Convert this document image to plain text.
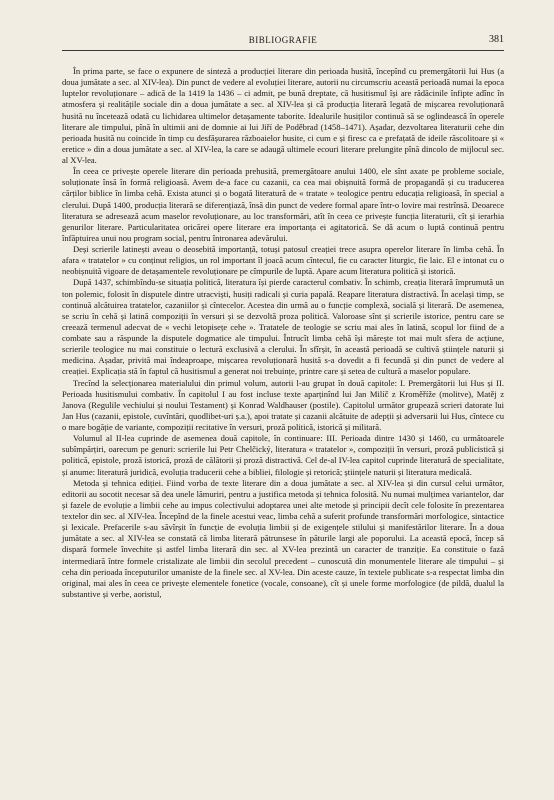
BIBLIOGRAFIE	381

În prima parte, se face o expunere de sinteză a producției literare din perioada husită, începînd cu premergătorii lui Hus (a doua jumătate a sec. al XIV-lea). Din punct de vedere al evoluției literare, autorii nu circumscriu această perioadă numai la epoca luptelor revoluționare – adică de la 1419 la 1436 – ci admit, pe bună dreptate, că husitismul își are rădăcinile înfipte adînc în atmosfera și realitățile sociale din a doua jumătate a sec. al XIV-lea și că producția literară legată de mișcarea revoluționară husită nu încetează odată cu lichidarea ultimelor detașamente taborite. Idealurile husiților continuă să se oglindească în operele literare ale timpului, pînă în ultimii ani de domnie ai lui Jiří de Poděbrad (1458–1471). Așadar, dezvoltarea literaturii cehe din perioada husită nu coincide în timp cu desfășurarea războaielor husite, ci cum e și firesc ca e prefațată de ideile răscolitoare și « eretice » din a doua jumătate a sec. al XIV-lea, la care se adaugă ultimele ecouri literare prelungite pînă dincolo de mijlocul sec. al XV-lea.

În ceea ce privește operele literare din perioada prehusită, premergătoare anului 1400, ele sînt axate pe probleme sociale, soluționate însă în formă religioasă. Avem de-a face cu cazanii, ca cea mai obișnuită formă de propagandă și cu traducerea cărților biblice în limba cehă. Exista atunci și o bogată literatură de « tratate » teologice pentru educația religioasă, în special a clerului. După 1400, producția literară se diferențiază, însă din punct de vedere formal apare într-o lovire mai restrînsă. Deoarece literatura se adresează acum maselor revoluționare, au loc transformări, atît în ceea ce privește funcția literaturii, cît și ierarhia genurilor literare. Particularitatea oricărei opere literare era importanța ei agitatorică. Se dă acum o luptă continuă pentru înfăptuirea unui nou program social, pentru întronarea adevărului.

Deși scrierile latinești aveau o deosebită importanță, totuși patosul creației trece asupra operelor literare în limba cehă. În afara « tratatelor » cu conținut religios, un rol important îl joacă acum cîntecul, fie cu caracter liturgic, fie laic. El e intonat cu o neobișnuită vigoare de detașamentele revoluționare pe cîmpurile de luptă. Apare acum literatura politică și istorică.

După 1437, schimbîndu-se situația politică, literatura își pierde caracterul combativ. În schimb, creația literară împrumută un ton polemic, folosit în disputele dintre utracviști, husiți radicali și curia papală. Reapare literatura distractivă. În același timp, se continuă alcătuirea tratatelor, cazaniilor și cîntecelor. Acestea din urmă au o funcție complexă, socială și literară. De asemenea, se scriu în cehă și latină compoziții în versuri și se dezvoltă proza politică. Valoroase sînt și scrierile istorice, pentru care se creează termenul adecvat de « vechi letopisețe cehe ». Tratatele de teologie se scriu mai ales în latină, scopul lor fiind de a combate sau a răspunde la disputele dogmatice ale timpului. Întrucît limba cehă își mărește tot mai mult sfera de acțiune, scrierile teologice nu mai constituie o lectură exclusivă a clerului. În sfîrșit, în această perioadă se cultivă științele naturii și medicina. Așadar, privită mai îndeaproape, mișcarea revoluționară husită s-a dovedit a fi fecundă și din punct de vedere al creației. Explicația stă în faptul că husitismul a generat noi trebuințe, printre care și setea de cultură a maselor populare.

Trecînd la selecționarea materialului din primul volum, autorii l-au grupat în două capitole: I. Premergătorii lui Hus și II. Perioada husitismului combativ. În capitolul I au fost incluse texte aparținînd lui Jan Milíč z Kroměříže (molitve), Matěj z Janova (Regulile vechiului și noului Testament) și Konrad Waldhauser (postile). Capitolul următor grupează scrieri datorate lui Jan Hus (cazanii, epistole, cuvîntări, quodlibet-uri ș.a.), apoi tratate și cazanii alcătuite de adepții și adversarii lui Hus, cîntece cu o mare bogăție de variante, compoziții recitative în versuri, proză politică, istorică și militară.

Volumul al II-lea cuprinde de asemenea două capitole, în continuare: III. Perioada dintre 1430 și 1460, cu următoarele subîmpărțiri, oarecum pe genuri: scrierile lui Petr Chelčický, literatura « tratatelor », compoziții în versuri, proză publicistică și politică, epistole, proză istorică, proză de călătorii și proză distractivă. Cel de-al IV-lea capitol cuprinde literatură de specialitate, și anume: literatură juridică, evoluția traducerii cehe a bibliei, filologie și retorică; științele naturii și literatura medicală.

Metoda și tehnica ediției. Fiind vorba de texte literare din a doua jumătate a sec. al XIV-lea și din cursul celui următor, editorii au socotit necesar să dea unele lămuriri, pentru a justifica metoda și tehnica folosită. Nu numai mulțimea variantelor, dar și fazele de evoluție a limbii cehe au impus colectivului adoptarea unei alte metode și principii decît cele folosite în prezentarea textelor din sec. al XIV-lea. Începînd de la finele acestui veac, limba cehă a suferit profunde transformări morfologice, sintactice și lexicale. Prefacerile s-au săvîrșit în funcție de evoluția limbii și de exigențele stilului și manifestărilor literare. În a doua jumătate a sec. al XIV-lea se constată că limba literară pătrunsese în păturile largi ale poporului. La această epocă, încep să dispară formele învechite și astfel limba literară din sec. al XV-lea prezintă un caracter de tranziție. Ea constituie o fază intermediară între formele cristalizate ale limbii din secolul precedent – cunoscută din monumentele literare ale timpului – și ceha din perioada începuturilor umaniste de la finele sec. al XV-lea. Din aceste cauze, în textele publicate s-a respectat limba din original, mai ales în ceea ce privește elementele fonetice (vocale, consoane), cît și unele forme morfologice (de pildă, dualul la substantive și verbe, aoristul,
